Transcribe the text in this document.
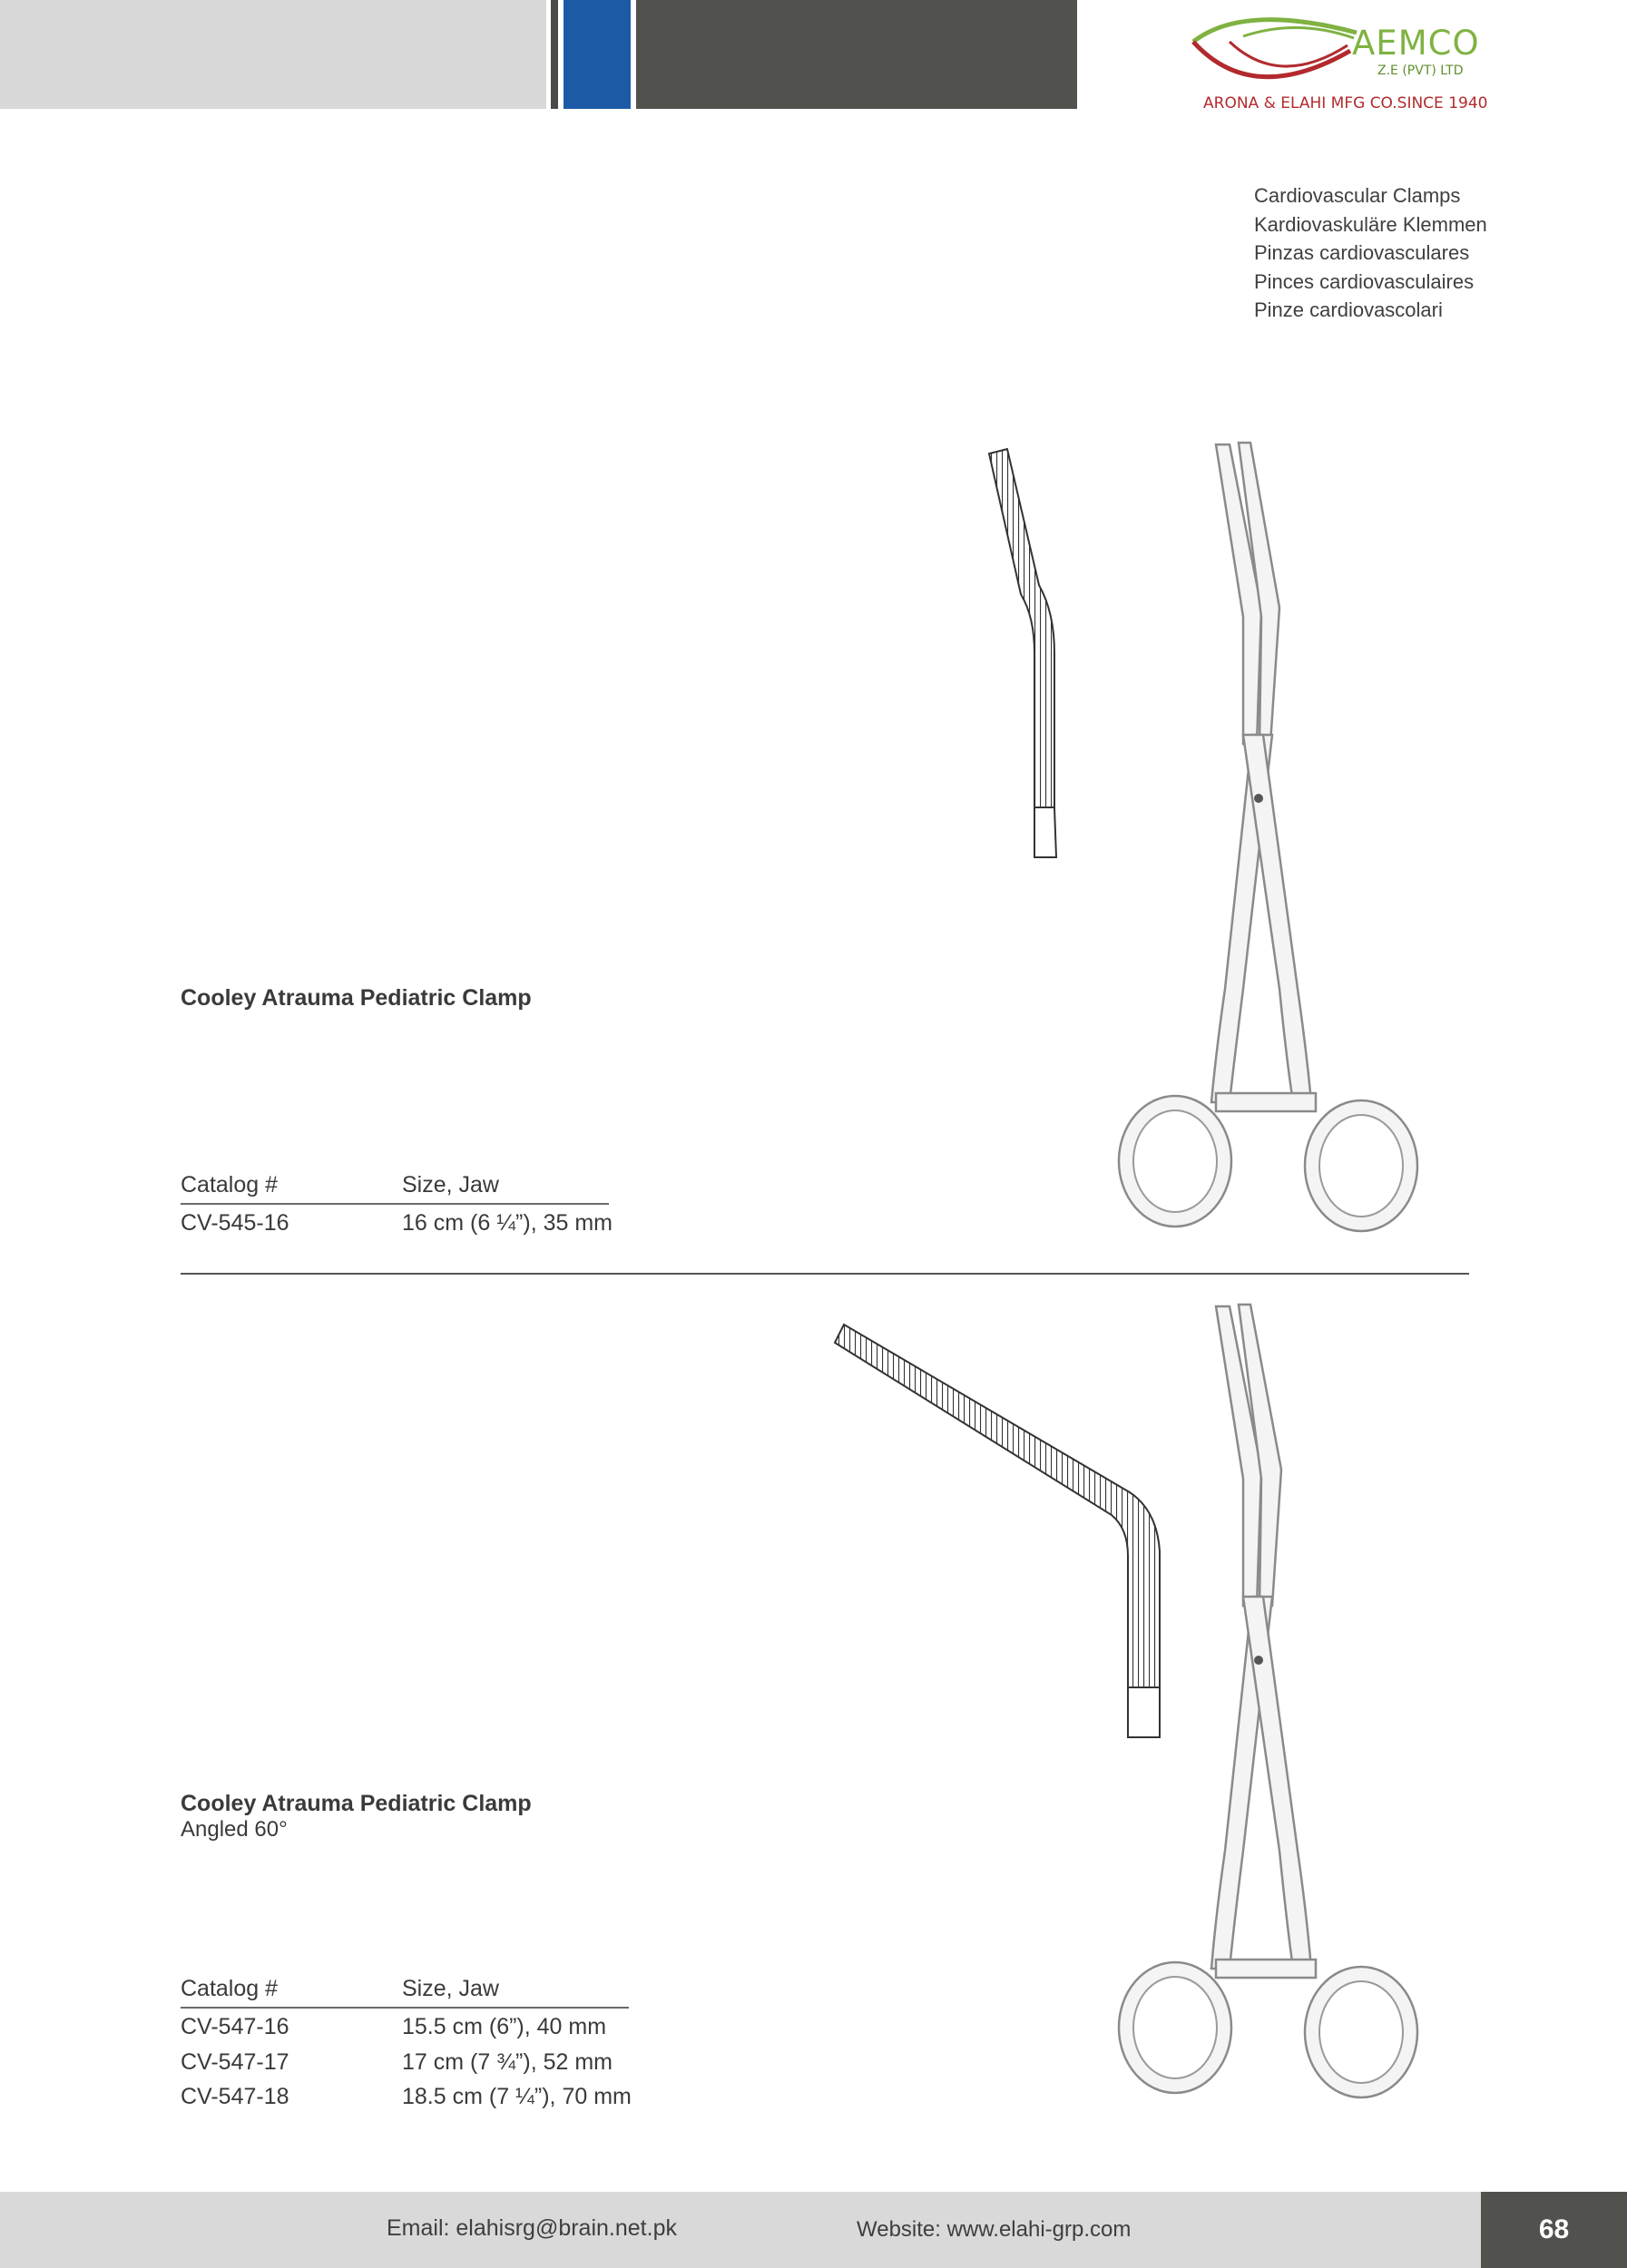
AEMCO
Z.E (PVT) LTD
ARONA & ELAHI MFG CO.SINCE 1940
Cardiovascular Clamps
Kardiovaskuläre Klemmen
Pinzas cardiovasculares
Pinces cardiovasculaires
Pinze cardiovascolari
Cooley Atrauma Pediatric Clamp
Catalog #	Size, Jaw
CV-545-16	16 cm (6 ¼”), 35 mm
Cooley Atrauma Pediatric Clamp
Angled 60°
Catalog #	Size, Jaw
CV-547-16	15.5 cm (6”), 40 mm
CV-547-17	17 cm (7 ¾”), 52 mm
CV-547-18	18.5 cm (7 ¼”), 70 mm
Email: elahisrg@brain.net.pk	Website: www.elahi-grp.com	68
